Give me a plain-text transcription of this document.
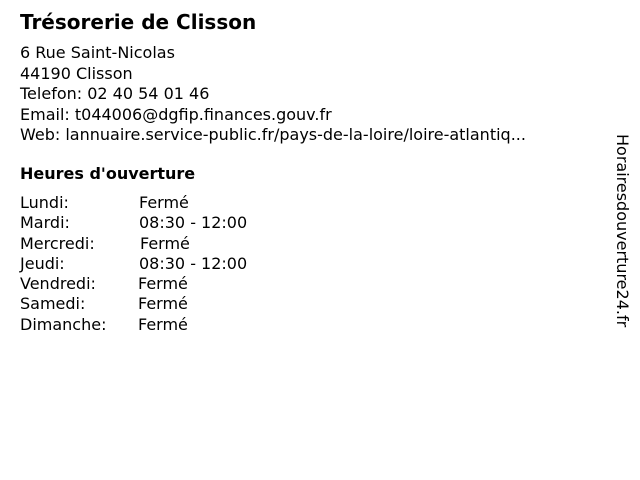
Trésorerie de Clisson
6 Rue Saint-Nicolas
44190 Clisson
Telefon: 02 40 54 01 46
Email: t044006@dgfip.finances.gouv.fr
Web: lannuaire.service-public.fr/pays-de-la-loire/loire-atlantiq...
Heures d'ouverture
Lundi:	Fermé
Mardi:	08:30 - 12:00
Mercredi:	Fermé
Jeudi:	08:30 - 12:00
Vendredi:	Fermé
Samedi:	Fermé
Dimanche: Fermé	Horairesdouverture24.fr
